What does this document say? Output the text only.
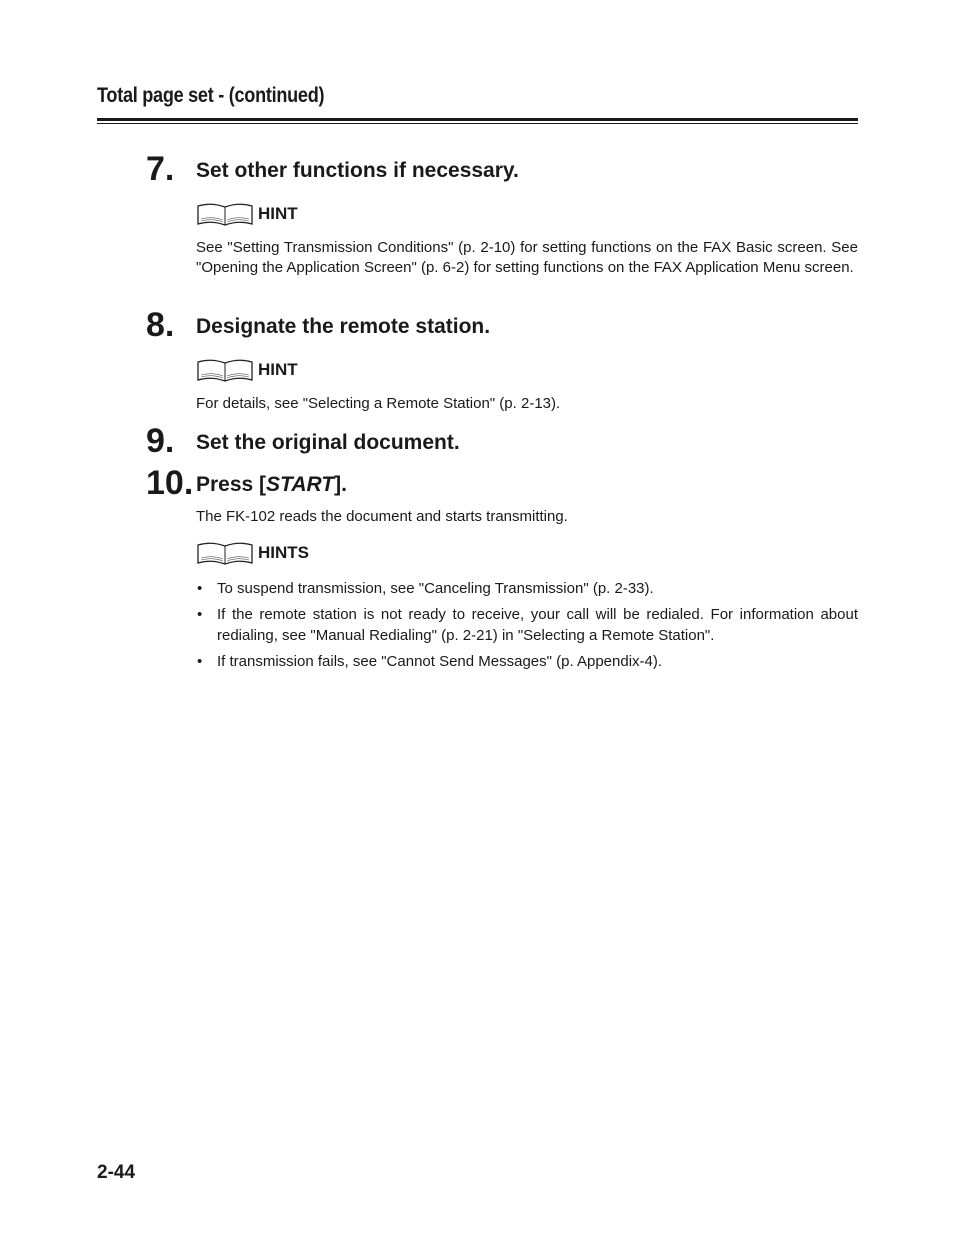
Total page set - (continued)
7. Set other functions if necessary.
HINT
See "Setting Transmission Conditions" (p. 2-10) for setting functions on the FAX Basic screen. See "Opening the Application Screen" (p. 6-2) for setting functions on the FAX Application Menu screen.
8. Designate the remote station.
HINT
For details, see "Selecting a Remote Station" (p. 2-13).
9. Set the original document.
10. Press [START].
The FK-102 reads the document and starts transmitting.
HINTS
• To suspend transmission, see "Canceling Transmission" (p. 2-33).
• If the remote station is not ready to receive, your call will be redialed. For information about redialing, see "Manual Redialing" (p. 2-21) in "Selecting a Remote Station".
• If transmission fails, see "Cannot Send Messages" (p. Appendix-4).
2-44
